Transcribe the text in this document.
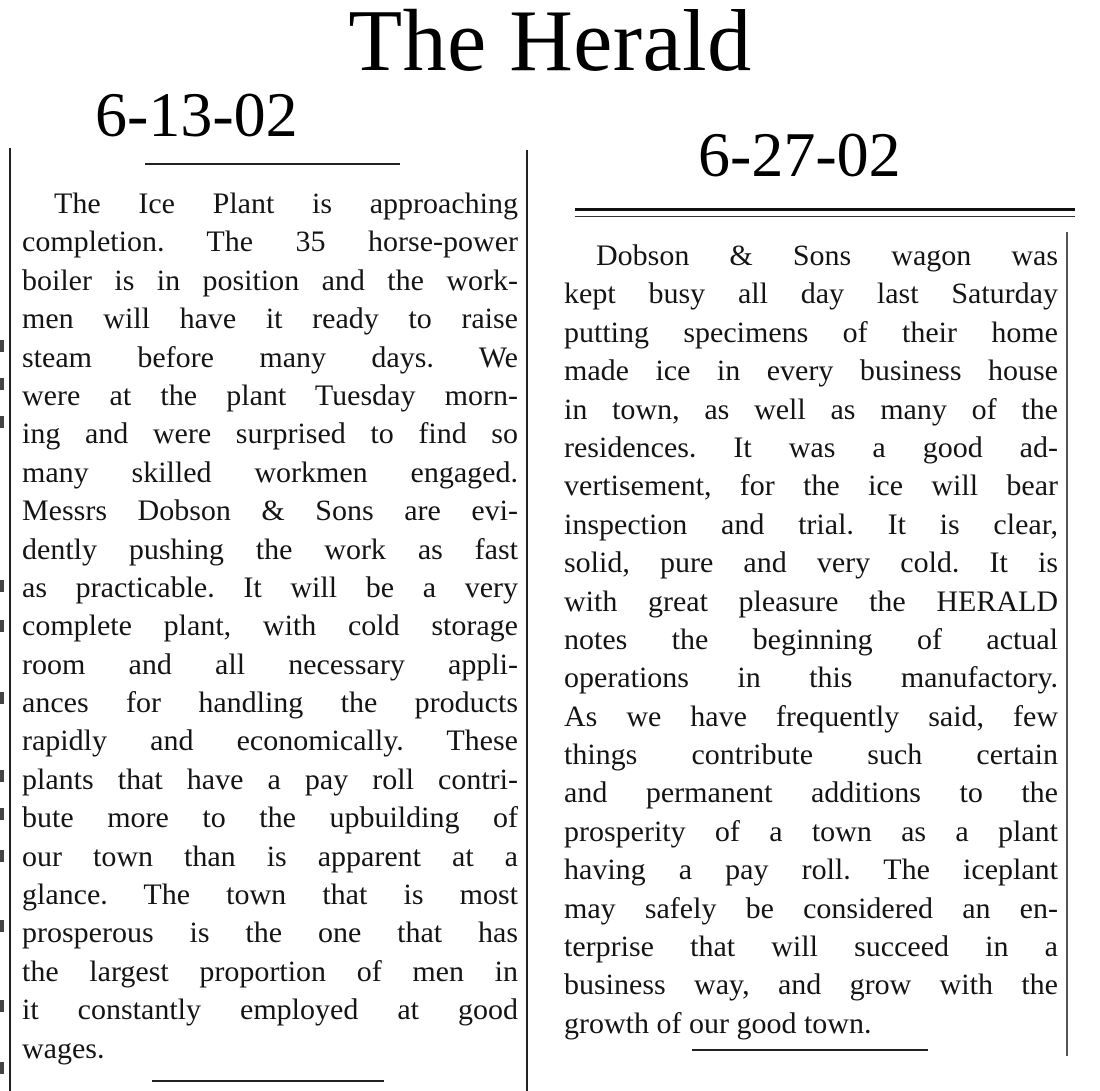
The Herald
6-13-02
6-27-02
The Ice Plant is approaching
completion. The 35 horse-power
boiler is in position and the work-
men will have it ready to raise
steam before many days. We
were at the plant Tuesday morn-
ing and were surprised to find so
many skilled workmen engaged.
Messrs Dobson & Sons are evi-
dently pushing the work as fast
as practicable. It will be a very
complete plant, with cold storage
room and all necessary appli-
ances for handling the products
rapidly and economically. These
plants that have a pay roll contri-
bute more to the upbuilding of
our town than is apparent at a
glance. The town that is most
prosperous is the one that has
the largest proportion of men in
it constantly employed at good
wages.
Dobson & Sons wagon was
kept busy all day last Saturday
putting specimens of their home
made ice in every business house
in town, as well as many of the
residences. It was a good ad-
vertisement, for the ice will bear
inspection and trial. It is clear,
solid, pure and very cold. It is
with great pleasure the HERALD
notes the beginning of actual
operations in this manufactory.
As we have frequently said, few
things contribute such certain
and permanent additions to the
prosperity of a town as a plant
having a pay roll. The iceplant
may safely be considered an en-
terprise that will succeed in a
business way, and grow with the
growth of our good town.
